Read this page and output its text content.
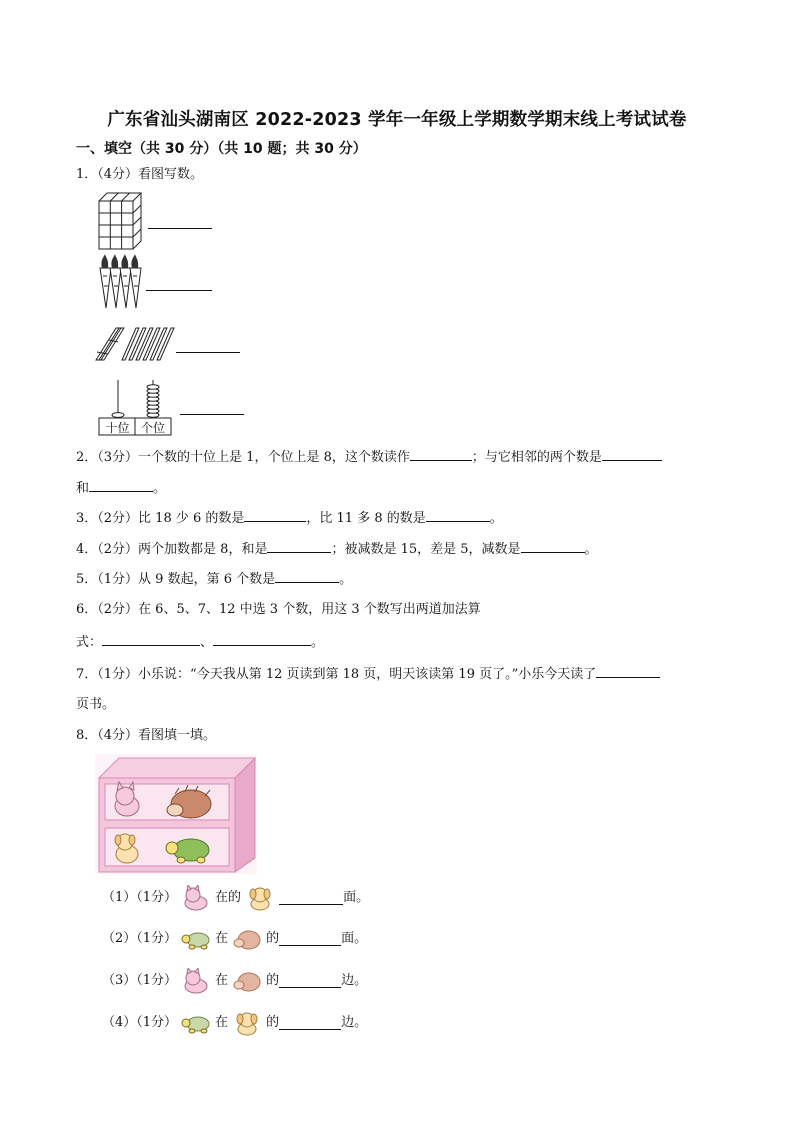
广东省汕头湖南区 2022-2023 学年一年级上学期数学期末线上考试试卷
一、填空（共 30 分）（共 10 题；共 30 分）
1．（4分）看图写数。
十位 个位
2．（3分）一个数的十位上是 1，个位上是 8，这个数读作	；与它相邻的两个数是
和	。
3．（2分）比 18 少 6 的数是	，比 11 多 8 的数是	。
4．（2分）两个加数都是 8，和是	；被减数是 15，差是 5，减数是	。
5．（1分）从 9 数起，第 6 个数是	。
6．（2分）在 6、5、7、12 中选 3 个数，用这 3 个数写出两道加法算
式：	、	。
7．（1分）小乐说：“今天我从第 12 页读到第 18 页，明天该读第 19 页了。”小乐今天读了
页书。
8．（4分）看图填一填。
（1）（1分）	在的	面。
（2）（1分）	在	的	面。
（3）（1分）	在	的	边。
（4）（1分）	在	的	边。
